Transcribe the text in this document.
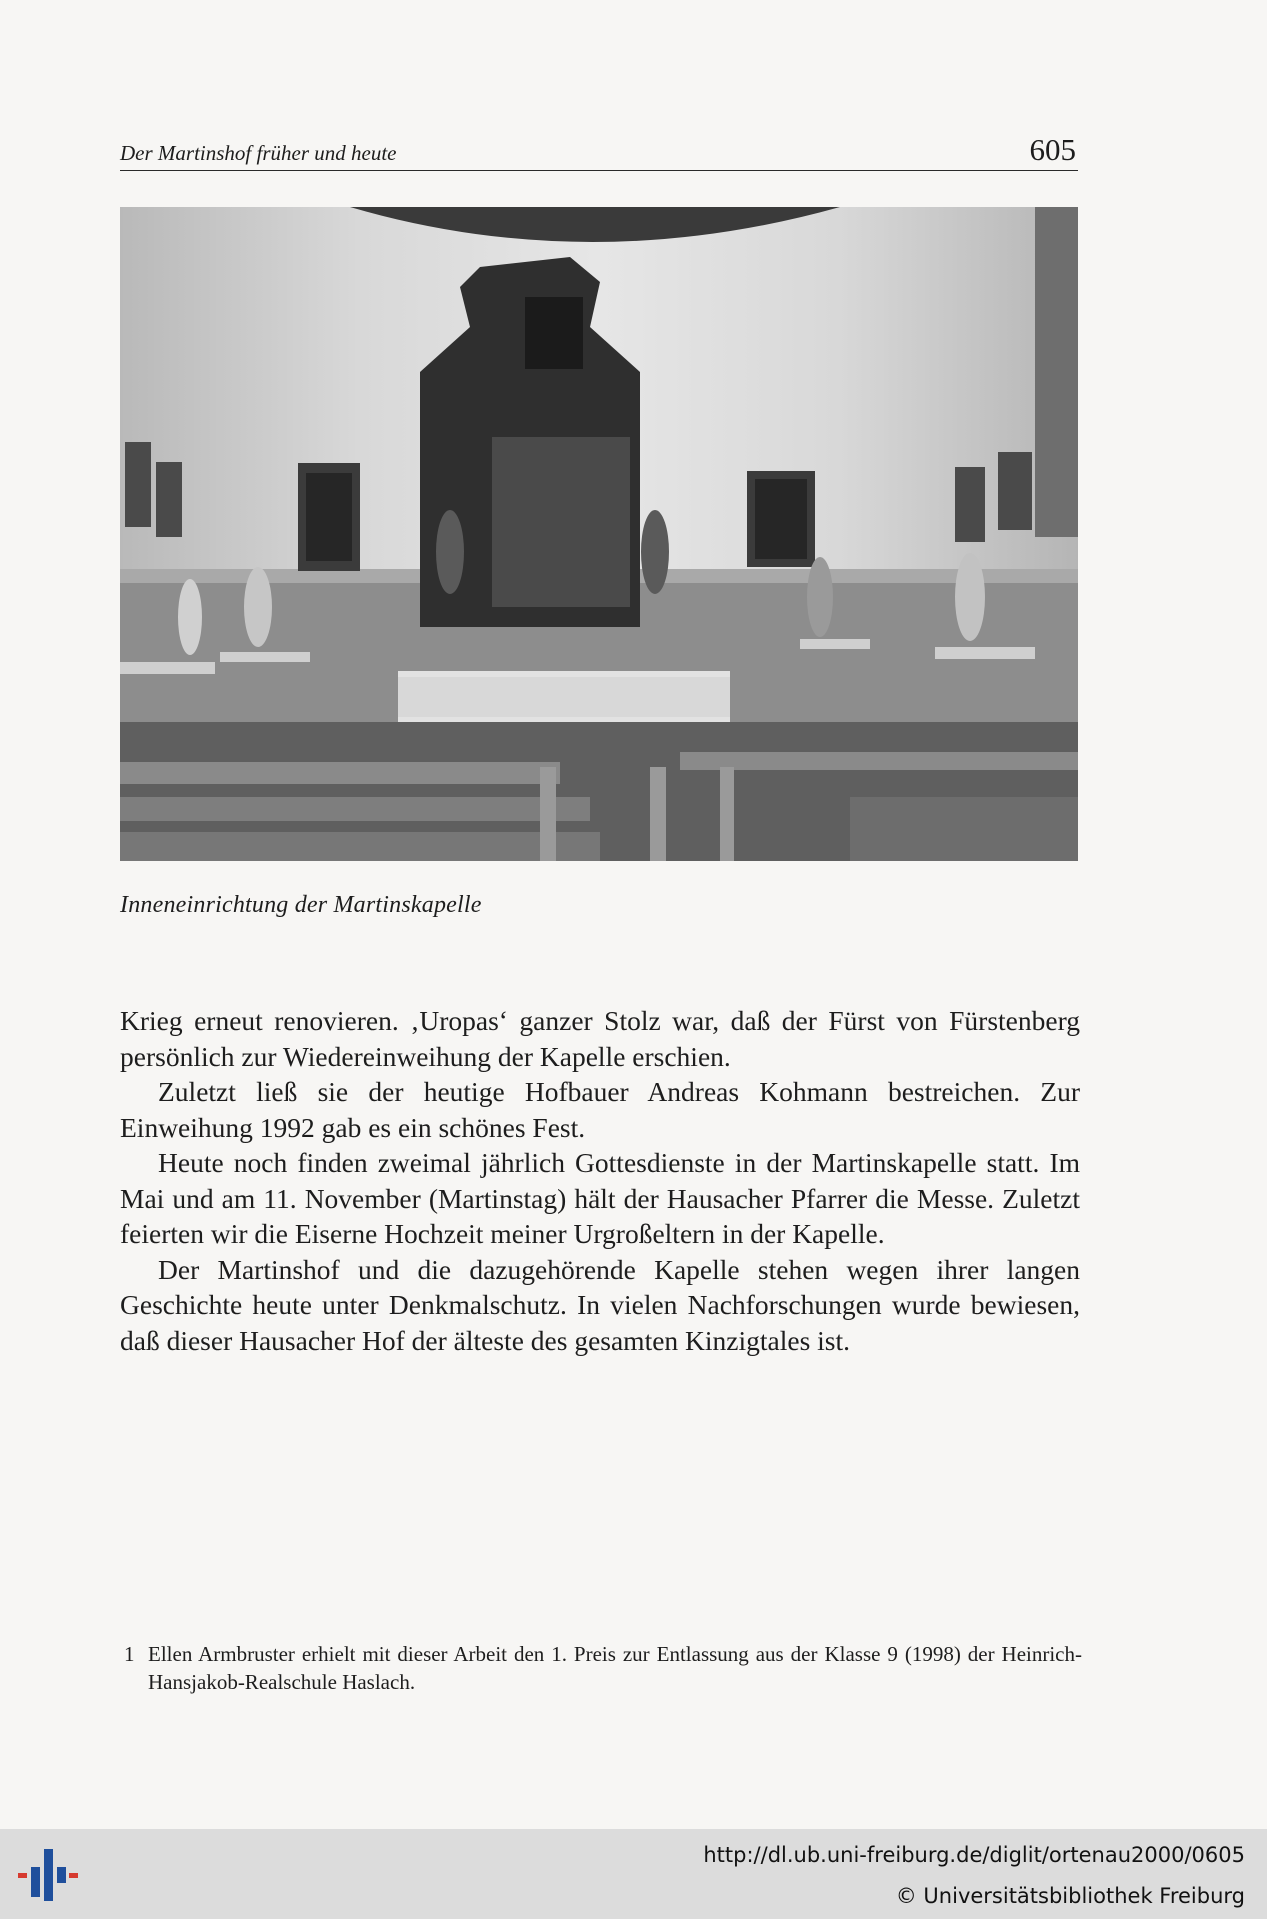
Der Martinshof früher und heute	605
Inneneinrichtung der Martinskapelle

Krieg erneut renovieren. ‚Uropas‘ ganzer Stolz war, daß der Fürst von Fürstenberg persönlich zur Wiedereinweihung der Kapelle erschien.

Zuletzt ließ sie der heutige Hofbauer Andreas Kohmann bestreichen. Zur Einweihung 1992 gab es ein schönes Fest.

Heute noch finden zweimal jährlich Gottesdienste in der Martinskapelle statt. Im Mai und am 11. November (Martinstag) hält der Hausacher Pfarrer die Messe. Zuletzt feierten wir die Eiserne Hochzeit meiner Urgroßeltern in der Kapelle.

Der Martinshof und die dazugehörende Kapelle stehen wegen ihrer langen Geschichte heute unter Denkmalschutz. In vielen Nachforschungen wurde bewiesen, daß dieser Hausacher Hof der älteste des gesamten Kinzigtales ist.

1 Ellen Armbruster erhielt mit dieser Arbeit den 1. Preis zur Entlassung aus der Klasse 9 (1998) der Heinrich-Hansjakob-Realschule Haslach.
http://dl.ub.uni-freiburg.de/diglit/ortenau2000/0605
© Universitätsbibliothek Freiburg
